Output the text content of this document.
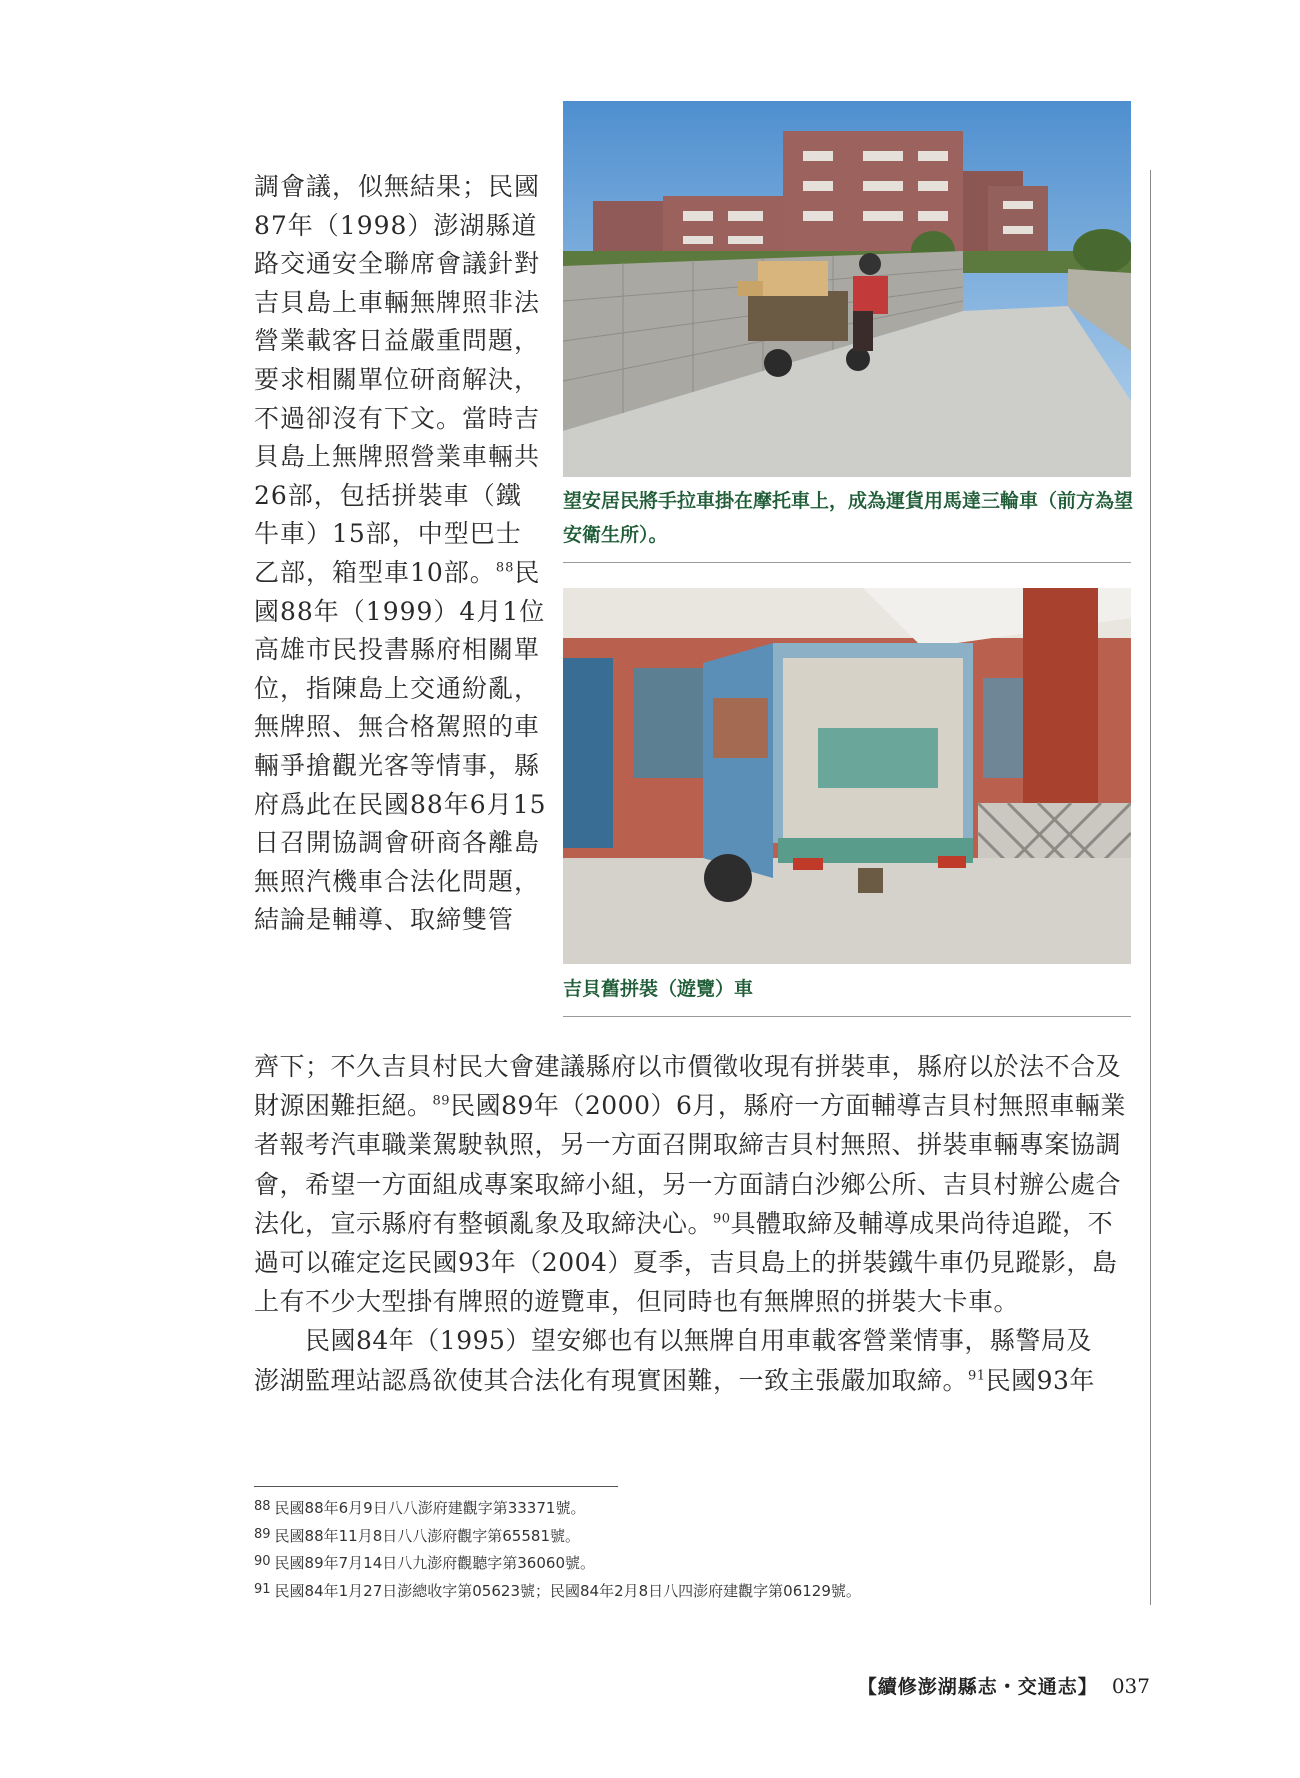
調會議，似無結果；民國
87年（1998）澎湖縣道
路交通安全聯席會議針對
吉貝島上車輛無牌照非法
營業載客日益嚴重問題，
要求相關單位研商解決，
不過卻沒有下文。當時吉
貝島上無牌照營業車輛共
26部，包括拼裝車（鐵
牛車）15部，中型巴士
乙部，箱型車10部。$^{88}$民
國88年（1999）4月1位
高雄市民投書縣府相關單
位，指陳島上交通紛亂，
無牌照、無合格駕照的車
輛爭搶觀光客等情事，縣
府爲此在民國88年6月15
日召開協調會研商各離島
無照汽機車合法化問題，
結論是輔導、取締雙管
望安居民將手拉車掛在摩托車上，成為運貨用馬達三輪車（前方為望安衛生所）。
吉貝舊拼裝（遊覽）車
齊下；不久吉貝村民大會建議縣府以市價徵收現有拼裝車，縣府以於法不合及
財源困難拒絕。$^{89}$民國89年（2000）6月，縣府一方面輔導吉貝村無照車輛業
者報考汽車職業駕駛執照，另一方面召開取締吉貝村無照、拼裝車輛專案協調
會，希望一方面組成專案取締小組，另一方面請白沙鄉公所、吉貝村辦公處合
法化，宣示縣府有整頓亂象及取締決心。$^{90}$具體取締及輔導成果尚待追蹤，不
過可以確定迄民國93年（2004）夏季，吉貝島上的拼裝鐵牛車仍見蹤影，島
上有不少大型掛有牌照的遊覽車，但同時也有無牌照的拼裝大卡車。
　　民國84年（1995）望安鄉也有以無牌自用車載客營業情事，縣警局及
澎湖監理站認爲欲使其合法化有現實困難，一致主張嚴加取締。$^{91}$民國93年
88 民國88年6月9日八八澎府建觀字第33371號。
89 民國88年11月8日八八澎府觀字第65581號。
90 民國89年7月14日八九澎府觀聽字第36060號。
91 民國84年1月27日澎總收字第05623號；民國84年2月8日八四澎府建觀字第06129號。
【續修澎湖縣志・交通志】 037
